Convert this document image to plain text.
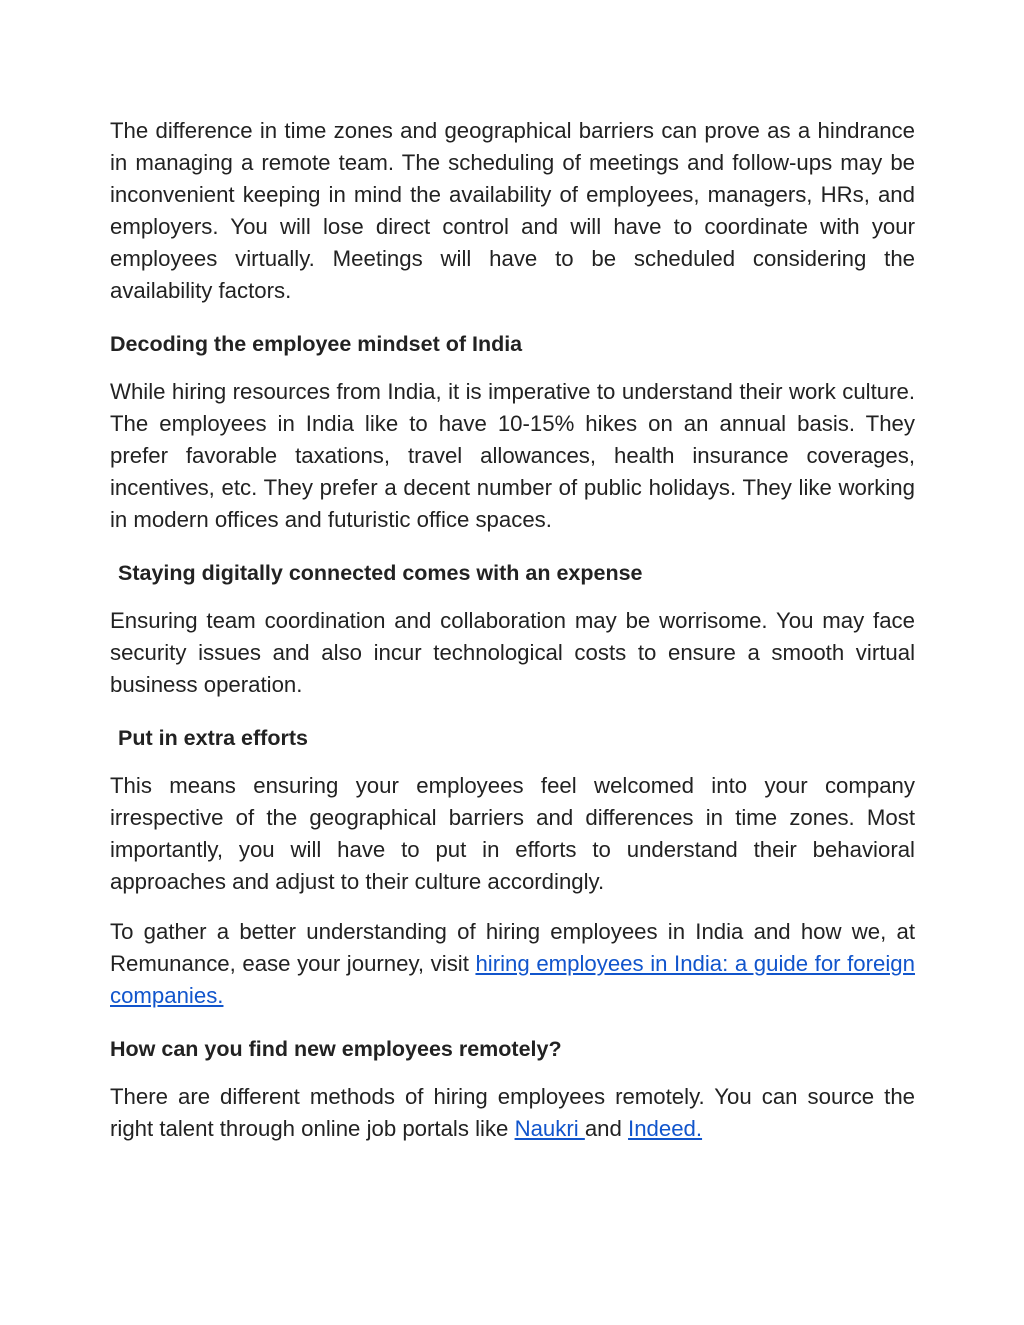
The difference in time zones and geographical barriers can prove as a hindrance in managing a remote team. The scheduling of meetings and follow-ups may be inconvenient keeping in mind the availability of employees, managers, HRs, and employers. You will lose direct control and will have to coordinate with your employees virtually. Meetings will have to be scheduled considering the availability factors.

Decoding the employee mindset of India

While hiring resources from India, it is imperative to understand their work culture. The employees in India like to have 10-15% hikes on an annual basis. They prefer favorable taxations, travel allowances, health insurance coverages, incentives, etc. They prefer a decent number of public holidays. They like working in modern offices and futuristic office spaces.

Staying digitally connected comes with an expense

Ensuring team coordination and collaboration may be worrisome. You may face security issues and also incur technological costs to ensure a smooth virtual business operation.

Put in extra efforts

This means ensuring your employees feel welcomed into your company irrespective of the geographical barriers and differences in time zones. Most importantly, you will have to put in efforts to understand their behavioral approaches and adjust to their culture accordingly.

To gather a better understanding of hiring employees in India and how we, at Remunance, ease your journey, visit hiring employees in India: a guide for foreign companies.

How can you find new employees remotely?

There are different methods of hiring employees remotely. You can source the right talent through online job portals like Naukri and Indeed.
